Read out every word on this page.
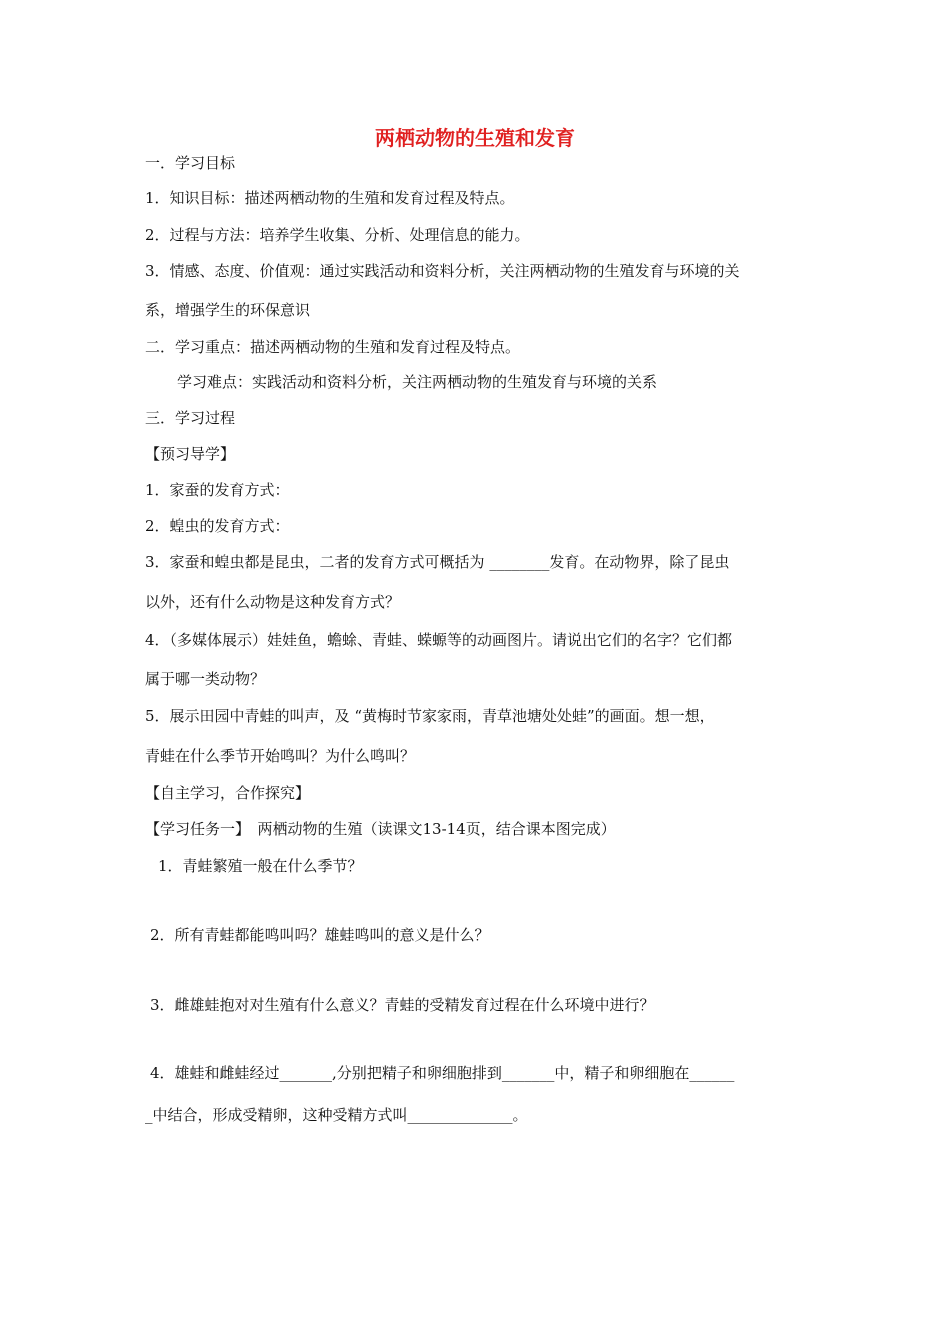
两栖动物的生殖和发育
一．学习目标
1．知识目标：描述两栖动物的生殖和发育过程及特点。
2．过程与方法：培养学生收集、分析、处理信息的能力。
3．情感、态度、价值观：通过实践活动和资料分析，关注两栖动物的生殖发育与环境的关
系，增强学生的环保意识
二．学习重点：描述两栖动物的生殖和发育过程及特点。
学习难点：实践活动和资料分析，关注两栖动物的生殖发育与环境的关系
三．学习过程
【预习导学】
1．家蚕的发育方式：
2．蝗虫的发育方式：
3．家蚕和蝗虫都是昆虫，二者的发育方式可概括为 ________发育。在动物界，除了昆虫
以外，还有什么动物是这种发育方式？
4．（多媒体展示）娃娃鱼，蟾蜍、青蛙、蝾螈等的动画图片。请说出它们的名字？它们都
属于哪一类动物？
5．展示田园中青蛙的叫声，及 “黄梅时节家家雨，青草池塘处处蛙”的画面。想一想，
青蛙在什么季节开始鸣叫？为什么鸣叫？
【自主学习，合作探究】
【学习任务一】　两栖动物的生殖（读课文13-14页，结合课本图完成）
1．青蛙繁殖一般在什么季节？
2．所有青蛙都能鸣叫吗？雄蛙鸣叫的意义是什么？
3．雌雄蛙抱对对生殖有什么意义？青蛙的受精发育过程在什么环境中进行？
4．雄蛙和雌蛙经过_______,分别把精子和卵细胞排到_______中，精子和卵细胞在______
_中结合，形成受精卵，这种受精方式叫______________。
